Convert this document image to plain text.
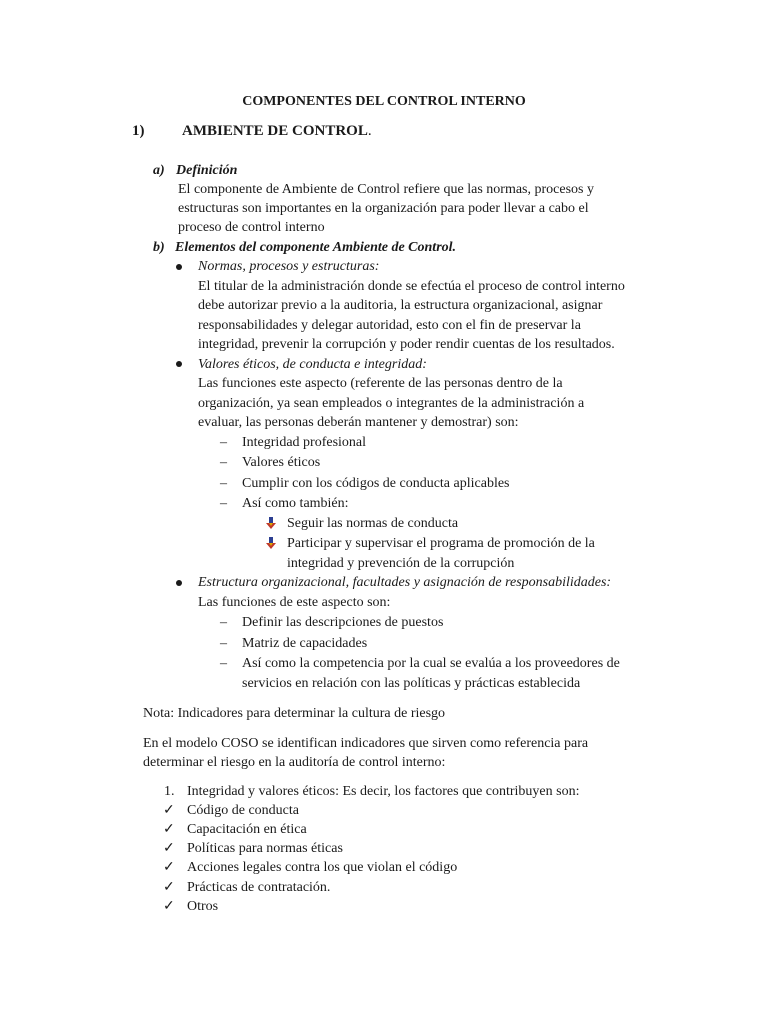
COMPONENTES DEL CONTROL INTERNO
1)	AMBIENTE DE CONTROL.
a) Definición
El componente de Ambiente de Control refiere que las normas, procesos y
estructuras son importantes en la organización para poder llevar a cabo el
proceso de control interno
b) Elementos del componente Ambiente de Control.
Normas, procesos y estructuras:
El titular de la administración donde se efectúa el proceso de control interno
debe autorizar previo a la auditoria, la estructura organizacional, asignar
responsabilidades y delegar autoridad, esto con el fin de preservar la
integridad, prevenir la corrupción y poder rendir cuentas de los resultados.
Valores éticos, de conducta e integridad:
Las funciones este aspecto (referente de las personas dentro de la
organización, ya sean empleados o integrantes de la administración a
evaluar, las personas deberán mantener y demostrar) son:
– Integridad profesional
– Valores éticos
– Cumplir con los códigos de conducta aplicables
– Así como también:
Seguir las normas de conducta
Participar y supervisar el programa de promoción de la
integridad y prevención de la corrupción
Estructura organizacional, facultades y asignación de responsabilidades:
Las funciones de este aspecto son:
– Definir las descripciones de puestos
– Matriz de capacidades
– Así como la competencia por la cual se evalúa a los proveedores de
servicios en relación con las políticas y prácticas establecida
Nota: Indicadores para determinar la cultura de riesgo
En el modelo COSO se identifican indicadores que sirven como referencia para
determinar el riesgo en la auditoría de control interno:
1. Integridad y valores éticos: Es decir, los factores que contribuyen son:
✓ Código de conducta
✓ Capacitación en ética
✓ Políticas para normas éticas
✓ Acciones legales contra los que violan el código
✓ Prácticas de contratación.
✓ Otros
